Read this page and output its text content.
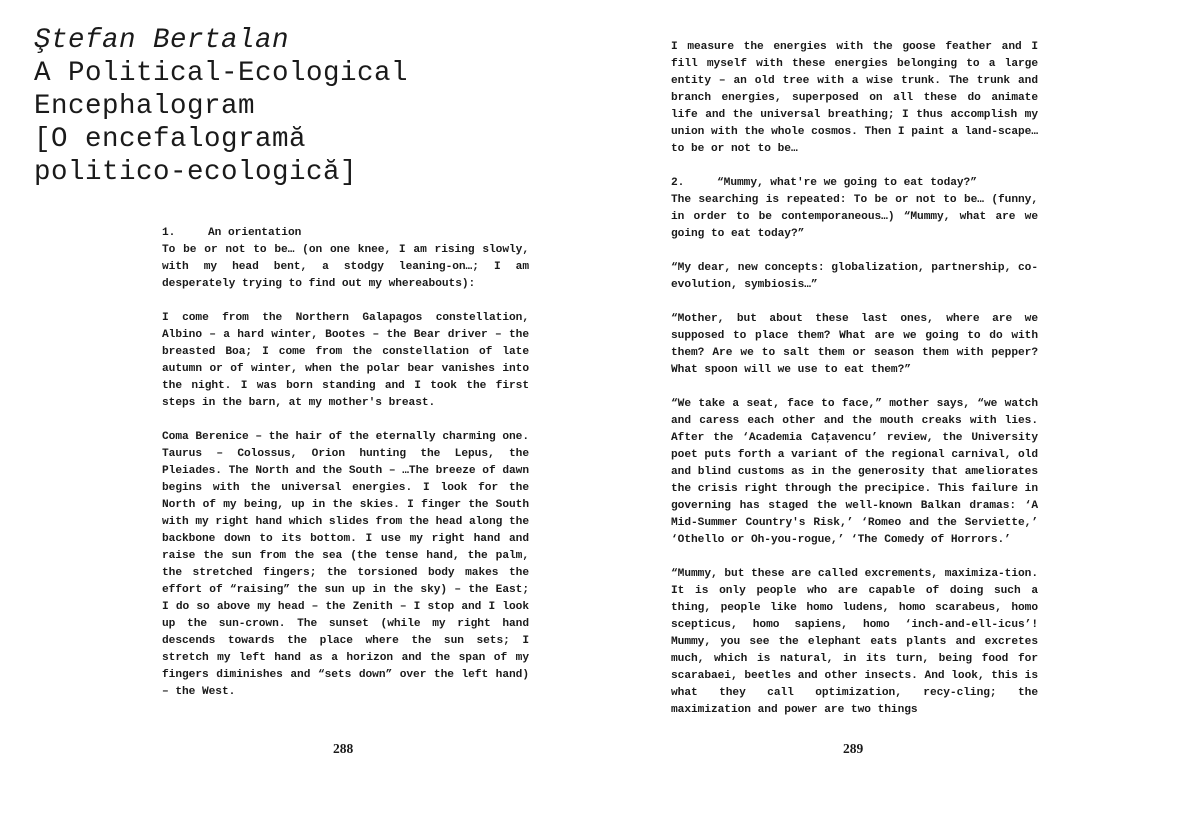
Ştefan Bertalan
A Political-Ecological
Encephalogram
[O encefalogramă
politico-ecologică]
1.	An orientation

To be or not to be… (on one knee, I am rising slowly, with my head bent, a stodgy leaning-on…; I am desperately trying to find out my whereabouts):

I come from the Northern Galapagos constellation, Albino – a hard winter, Bootes – the Bear driver – the breasted Boa; I come from the constellation of late autumn or of winter, when the polar bear vanishes into the night. I was born standing and I took the first steps in the barn, at my mother's breast.

Coma Berenice – the hair of the eternally charming one. Taurus – Colossus, Orion hunting the Lepus, the Pleiades. The North and the South – …The breeze of dawn begins with the universal energies. I look for the North of my being, up in the skies. I finger the South with my right hand which slides from the head along the backbone down to its bottom. I use my right hand and raise the sun from the sea (the tense hand, the palm, the stretched fingers; the torsioned body makes the effort of “raising” the sun up in the sky) – the East; I do so above my head – the Zenith – I stop and I look up the sun-crown. The sunset (while my right hand descends towards the place where the sun sets; I stretch my left hand as a horizon and the span of my fingers diminishes and “sets down” over the left hand) – the West.

288

I measure the energies with the goose feather and I fill myself with these energies belonging to a large entity – an old tree with a wise trunk. The trunk and branch energies, superposed on all these do animate life and the universal breathing; I thus accomplish my union with the whole cosmos. Then I paint a land-scape… to be or not to be…

2.	“Mummy, what're we going to eat today?”

The searching is repeated: To be or not to be… (funny, in order to be contemporaneous…) “Mummy, what are we going to eat today?”

“My dear, new concepts: globalization, partnership, co-evolution, symbiosis…”

“Mother, but about these last ones, where are we supposed to place them? What are we going to do with them? Are we to salt them or season them with pepper? What spoon will we use to eat them?”

“We take a seat, face to face,” mother says, “we watch and caress each other and the mouth creaks with lies. After the ‘Academia Caţavencu’ review, the University poet puts forth a variant of the regional carnival, old and blind customs as in the generosity that ameliorates the crisis right through the precipice. This failure in governing has staged the well-known Balkan dramas: ‘A Mid-Summer Country's Risk,’ ‘Romeo and the Serviette,’ ‘Othello or Oh-you-rogue,’ ‘The Comedy of Horrors.’

“Mummy, but these are called excrements, maximiza-tion. It is only people who are capable of doing such a thing, people like homo ludens, homo scarabeus, homo scepticus, homo sapiens, homo ‘inch-and-ell-icus’! Mummy, you see the elephant eats plants and excretes much, which is natural, in its turn, being food for scarabaei, beetles and other insects. And look, this is what they call optimization, recy-cling; the maximization and power are two things

289
